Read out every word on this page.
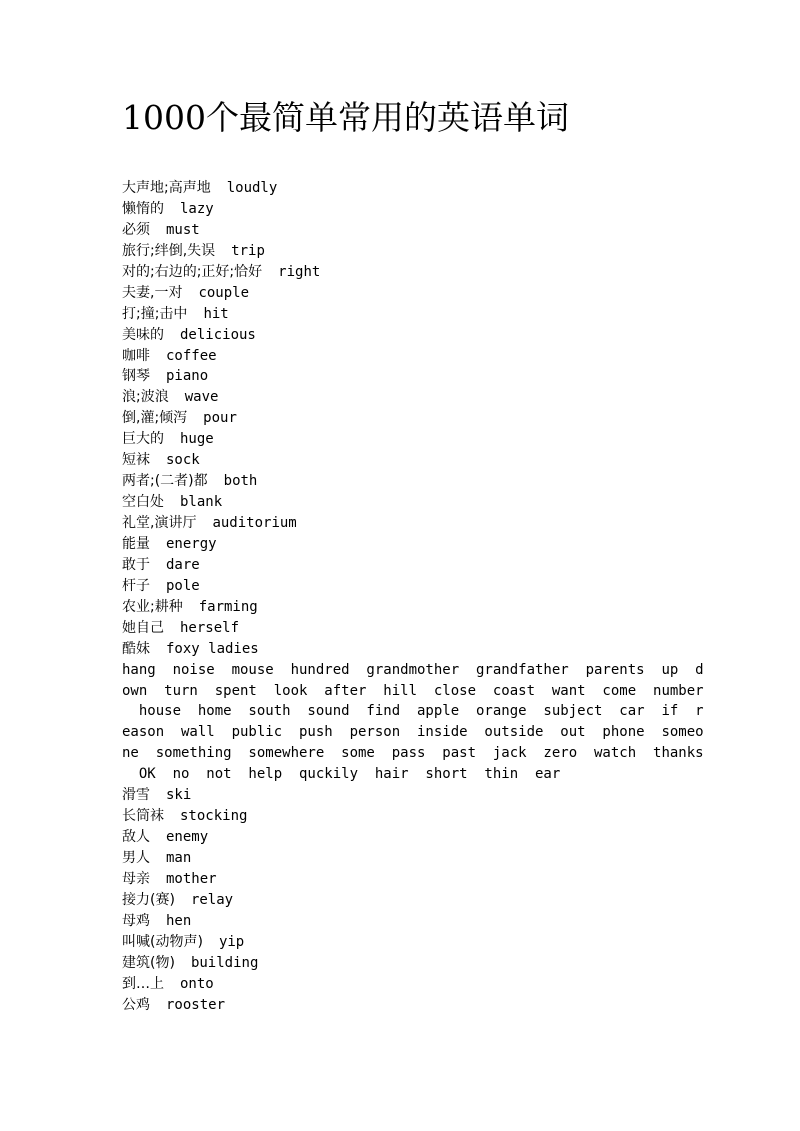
1000个最简单常用的英语单词
大声地;高声地 loudly
懒惰的 lazy
必须 must
旅行;绊倒,失误 trip
对的;右边的;正好;恰好 right
夫妻,一对 couple
打;撞;击中 hit
美味的 delicious
咖啡 coffee
钢琴 piano
浪;波浪 wave
倒,灌;倾泻 pour
巨大的 huge
短袜 sock
两者;(二者)都 both
空白处 blank
礼堂,演讲厅 auditorium
能量 energy
敢于 dare
杆子 pole
农业;耕种 farming
她自己 herself
酷妹 foxy ladies
hang  noise  mouse  hundred  grandmother  grandfather  parents  up  d
own  turn  spent  look  after  hill  close  coast  want  come  number
house  home  south  sound  find  apple  orange  subject  car  if  r
eason  wall  public  push  person  inside  outside  out  phone  someo
ne  something  somewhere  some  pass  past  jack  zero  watch  thanks
OK  no  not  help  quckily  hair  short  thin  ear
滑雪 ski
长筒袜 stocking
敌人 enemy
男人 man
母亲 mother
接力(赛) relay
母鸡 hen
叫喊(动物声) yip
建筑(物) building
到…上 onto
公鸡 rooster
